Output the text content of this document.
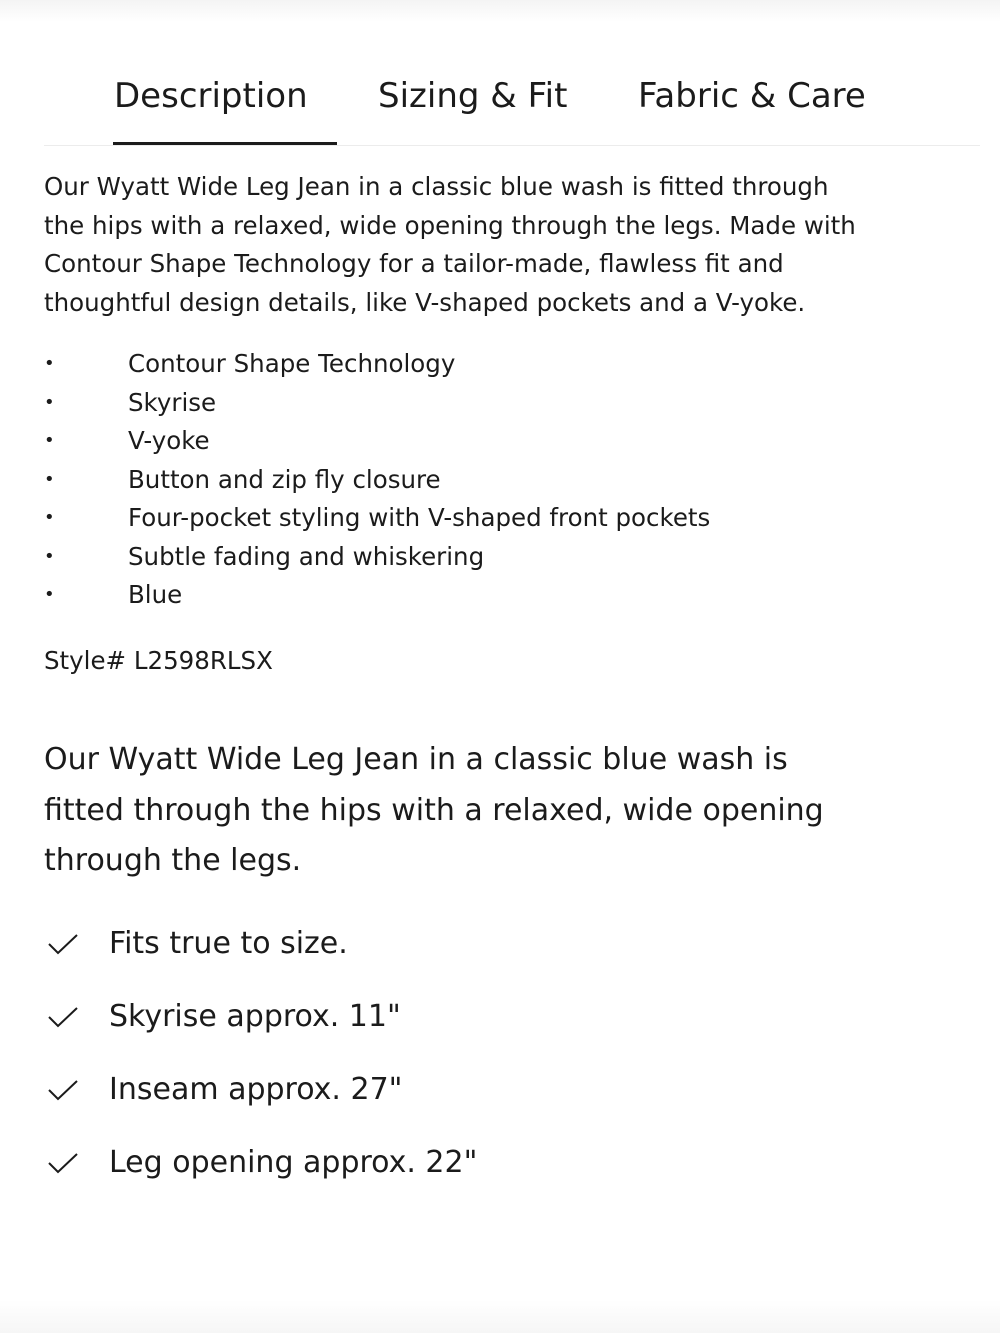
Description Sizing & Fit Fabric & Care

Our Wyatt Wide Leg Jean in a classic blue wash is fitted through
the hips with a relaxed, wide opening through the legs. Made with
Contour Shape Technology for a tailor-made, flawless fit and
thoughtful design details, like V-shaped pockets and a V-yoke.

•	Contour Shape Technology
•	Skyrise
•	V-yoke
•	Button and zip fly closure
•	Four-pocket styling with V-shaped front pockets
•	Subtle fading and whiskering
•	Blue
Style# L2598RLSX

Our Wyatt Wide Leg Jean in a classic blue wash is
fitted through the hips with a relaxed, wide opening
through the legs.

Fits true to size.
Skyrise approx. 11"
Inseam approx. 27"
Leg opening approx. 22"
